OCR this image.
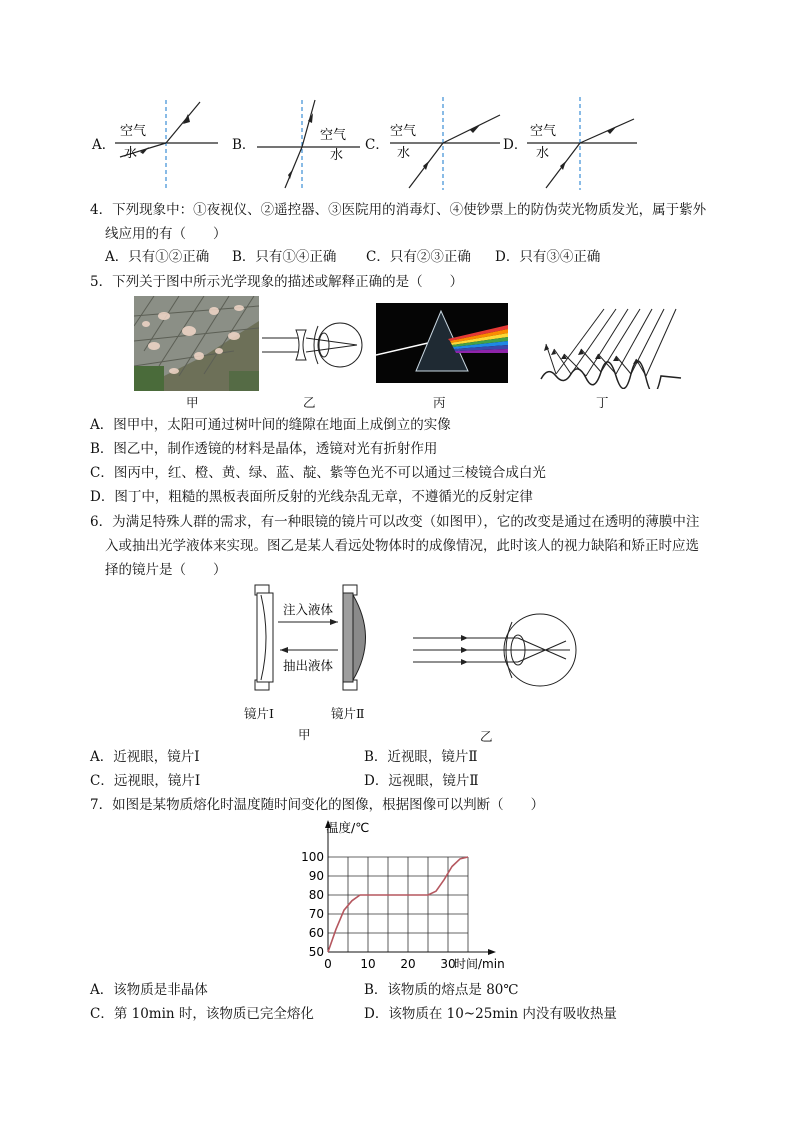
A．
空气
水
B．
空气
水
C．
空气
水
D．
空气
水
4．下列现象中：①夜视仪、②遥控器、③医院用的消毒灯、④使钞票上的防伪荧光物质发光，属于紫外
线应用的有（　　）
A．只有①②正确 B．只有①④正确 C．只有②③正确 D．只有③④正确
5．下列关于图中所示光学现象的描述或解释正确的是（　　）
甲	乙	丙	丁
A．图甲中，太阳可通过树叶间的缝隙在地面上成倒立的实像
B．图乙中，制作透镜的材料是晶体，透镜对光有折射作用
C．图丙中，红、橙、黄、绿、蓝、靛、紫等色光不可以通过三棱镜合成白光
D．图丁中，粗糙的黑板表面所反射的光线杂乱无章，不遵循光的反射定律
6．为满足特殊人群的需求，有一种眼镜的镜片可以改变（如图甲），它的改变是通过在透明的薄膜中注
入或抽出光学液体来实现。图乙是某人看远处物体时的成像情况，此时该人的视力缺陷和矫正时应选
择的镜片是（　　）
注入液体
抽出液体
镜片Ⅰ	镜片Ⅱ
甲	乙
A．近视眼，镜片Ⅰ	B．近视眼，镜片Ⅱ
C．远视眼，镜片Ⅰ	D．远视眼，镜片Ⅱ
7．如图是某物质熔化时温度随时间变化的图像，根据图像可以判断（　　）
50
60
70
80
90
100
0 10 20 30
温度/℃
时间/min
A．该物质是非晶体	B．该物质的熔点是 80℃
C．第 10min 时，该物质已完全熔化	D．该物质在 10~25min 内没有吸收热量
